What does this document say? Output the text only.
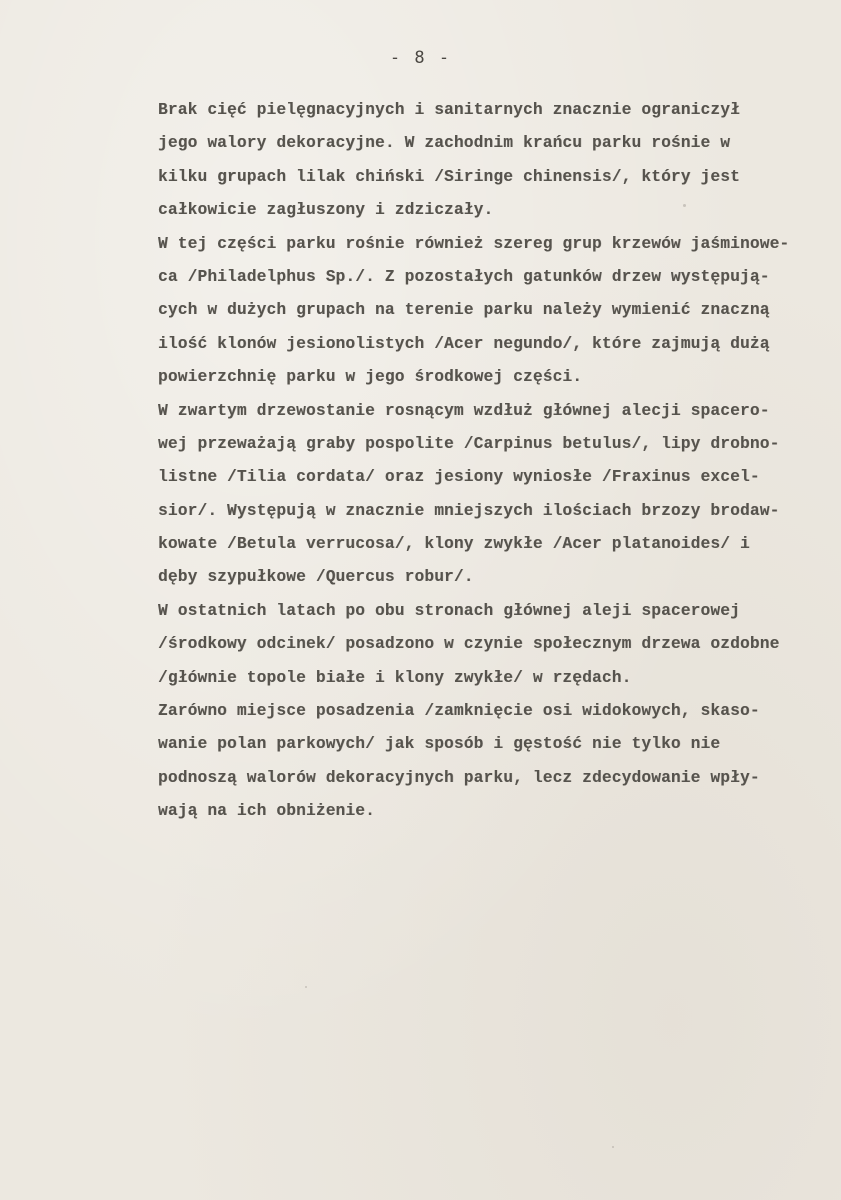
- 8 -
Brak cięć pielęgnacyjnych i sanitarnych znacznie ograniczył
jego walory dekoracyjne. W zachodnim krańcu parku rośnie w
kilku grupach lilak chiński /Siringe chinensis/, który jest
całkowicie zagłuszony i zdziczały.
W tej części parku rośnie również szereg grup krzewów jaśminowe-
ca /Philadelphus Sp./. Z pozostałych gatunków drzew występują-
cych w dużych grupach na terenie parku należy wymienić znaczną
ilość klonów jesionolistych /Acer negundo/, które zajmują dużą
powierzchnię parku w jego środkowej części.
W zwartym drzewostanie rosnącym wzdłuż głównej alecji spacero-
wej przeważają graby pospolite /Carpinus betulus/, lipy drobno-
listne /Tilia cordata/ oraz jesiony wyniosłe /Fraxinus excel-
sior/. Występują w znacznie mniejszych ilościach brzozy brodaw-
kowate /Betula verrucosa/, klony zwykłe /Acer platanoides/ i
dęby szypułkowe /Quercus robur/.
W ostatnich latach po obu stronach głównej aleji spacerowej
/środkowy odcinek/ posadzono w czynie społecznym drzewa ozdobne
/głównie topole białe i klony zwykłe/ w rzędach.
Zarówno miejsce posadzenia /zamknięcie osi widokowych, skaso-
wanie polan parkowych/ jak sposób i gęstość nie tylko nie
podnoszą walorów dekoracyjnych parku, lecz zdecydowanie wpły-
wają na ich obniżenie.
